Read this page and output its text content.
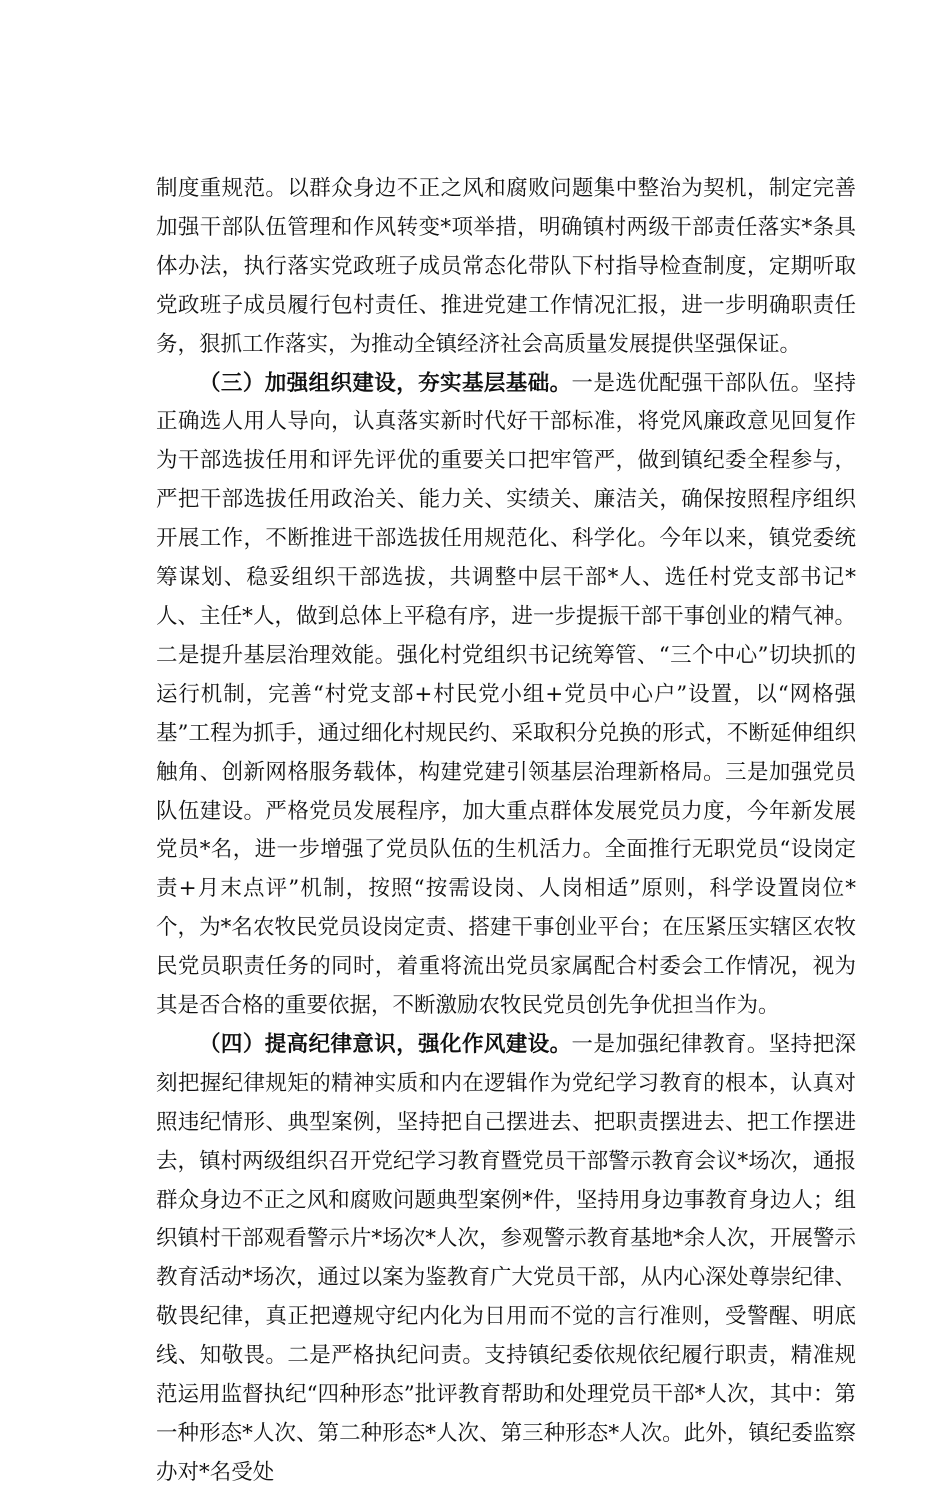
制度重规范。以群众身边不正之风和腐败问题集中整治为契机，制定完善加强干部队伍管理和作风转变*项举措，明确镇村两级干部责任落实*条具体办法，执行落实党政班子成员常态化带队下村指导检查制度，定期听取党政班子成员履行包村责任、推进党建工作情况汇报，进一步明确职责任务，狠抓工作落实，为推动全镇经济社会高质量发展提供坚强保证。

（三）加强组织建设，夯实基层基础。一是选优配强干部队伍。坚持正确选人用人导向，认真落实新时代好干部标准，将党风廉政意见回复作为干部选拔任用和评先评优的重要关口把牢管严，做到镇纪委全程参与，严把干部选拔任用政治关、能力关、实绩关、廉洁关，确保按照程序组织开展工作，不断推进干部选拔任用规范化、科学化。今年以来，镇党委统筹谋划、稳妥组织干部选拔，共调整中层干部*人、选任村党支部书记*人、主任*人，做到总体上平稳有序，进一步提振干部干事创业的精气神。二是提升基层治理效能。强化村党组织书记统筹管、“三个中心”切块抓的运行机制，完善“村党支部+村民党小组+党员中心户”设置，以“网格强基”工程为抓手，通过细化村规民约、采取积分兑换的形式，不断延伸组织触角、创新网格服务载体，构建党建引领基层治理新格局。三是加强党员队伍建设。严格党员发展程序，加大重点群体发展党员力度，今年新发展党员*名，进一步增强了党员队伍的生机活力。全面推行无职党员“设岗定责+月末点评”机制，按照“按需设岗、人岗相适”原则，科学设置岗位*个，为*名农牧民党员设岗定责、搭建干事创业平台；在压紧压实辖区农牧民党员职责任务的同时，着重将流出党员家属配合村委会工作情况，视为其是否合格的重要依据，不断激励农牧民党员创先争优担当作为。

（四）提高纪律意识，强化作风建设。一是加强纪律教育。坚持把深刻把握纪律规矩的精神实质和内在逻辑作为党纪学习教育的根本，认真对照违纪情形、典型案例，坚持把自己摆进去、把职责摆进去、把工作摆进去，镇村两级组织召开党纪学习教育暨党员干部警示教育会议*场次，通报群众身边不正之风和腐败问题典型案例*件，坚持用身边事教育身边人；组织镇村干部观看警示片*场次*人次，参观警示教育基地*余人次，开展警示教育活动*场次，通过以案为鉴教育广大党员干部，从内心深处尊崇纪律、敬畏纪律，真正把遵规守纪内化为日用而不觉的言行准则，受警醒、明底线、知敬畏。二是严格执纪问责。支持镇纪委依规依纪履行职责，精准规范运用监督执纪“四种形态”批评教育帮助和处理党员干部*人次，其中：第一种形态*人次、第二种形态*人次、第三种形态*人次。此外，镇纪委监察办对*名受处
